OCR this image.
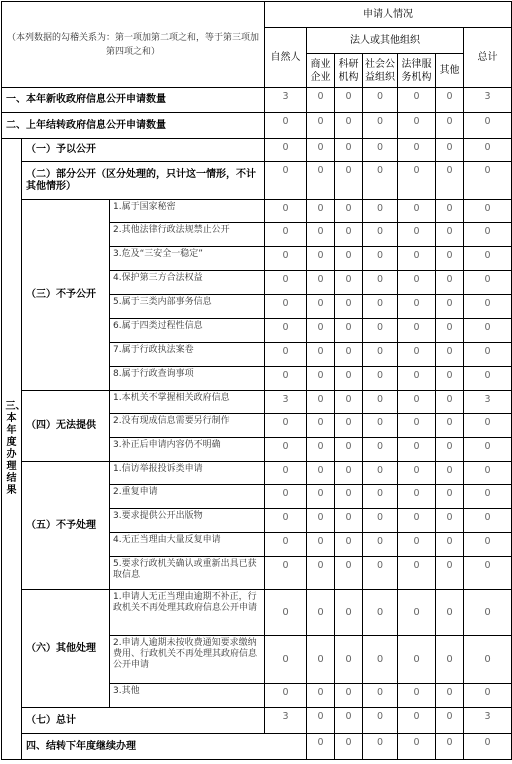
（本列数据的勾稽关系为：第一项加第二项之和，等于第三项加第四项之和）			申请人情况							
			自然人	法人或其他组织					总计	
				商业企业	科研机构	社会公益组织	法律服务机构	其他		
一、本年新收政府信息公开申请数量			3	0	0	0	0	0	3	
二、上年结转政府信息公开申请数量			0	0	0	0	0	0	0	

三、本年度办理结果	（一）予以公开		0	0	0	0	0	0	0	
	（二）部分公开（区分处理的，只计这一情形，不计其他情形）		0	0	0	0	0	0	0	
	（三）不予公开	1.属于国家秘密	0	0	0	0	0	0	0	
		2.其他法律行政法规禁止公开	0	0	0	0	0	0	0	
		3.危及“三安全一稳定”	0	0	0	0	0	0	0	
		4.保护第三方合法权益	0	0	0	0	0	0	0	
		5.属于三类内部事务信息	0	0	0	0	0	0	0	
		6.属于四类过程性信息	0	0	0	0	0	0	0	
		7.属于行政执法案卷	0	0	0	0	0	0	0	
		8.属于行政查询事项	0	0	0	0	0	0	0	
	（四）无法提供	1.本机关不掌握相关政府信息	3	0	0	0	0	0	3	
		2.没有现成信息需要另行制作	0	0	0	0	0	0	0	
		3.补正后申请内容仍不明确	0	0	0	0	0	0	0	
	（五）不予处理	1.信访举报投诉类申请	0	0	0	0	0	0	0	
		2.重复申请	0	0	0	0	0	0	0	
		3.要求提供公开出版物	0	0	0	0	0	0	0	
		4.无正当理由大量反复申请	0	0	0	0	0	0	0	
		5.要求行政机关确认或重新出具已获取信息	0	0	0	0	0	0	0	
	（六）其他处理	1.申请人无正当理由逾期不补正，行政机关不再处理其政府信息公开申请	0	0	0	0	0	0	0	
		2.申请人逾期未按收费通知要求缴纳费用、行政机关不再处理其政府信息公开申请	0	0	0	0	0	0	0	
		3.其他	0	0	0	0	0	0	0	
	（七）总计		3	0	0	0	0	0	3	
	四、结转下年度继续办理			0	0	0	0	0	0	
